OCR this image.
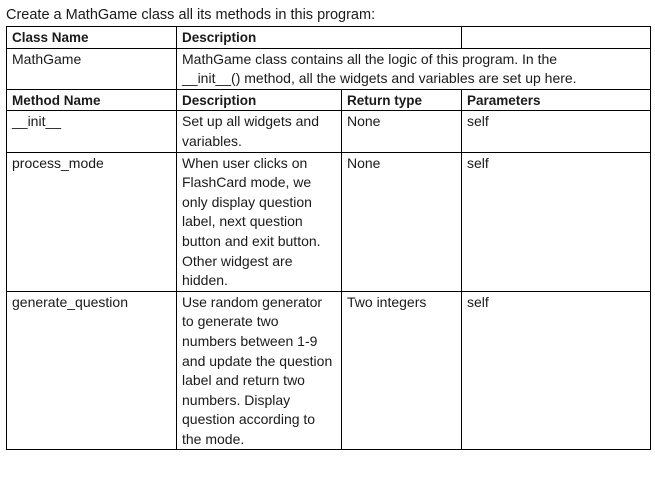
Create a MathGame class all its methods in this program:
Class Name	Description		
MathGame	MathGame class contains all the logic of this program. In the
__init__() method, all the widgets and variables are set up here.		

Method Name	Description	Return type	Parameters
__init__	Set up all widgets and variables.	None	self
process_mode	When user clicks on FlashCard mode, we only display question label, next question button and exit button. Other widgest are hidden.	None	self
generate_question	Use random generator to generate two numbers between 1-9 and update the question label and return two numbers. Display question according to the mode.	Two integers	self
